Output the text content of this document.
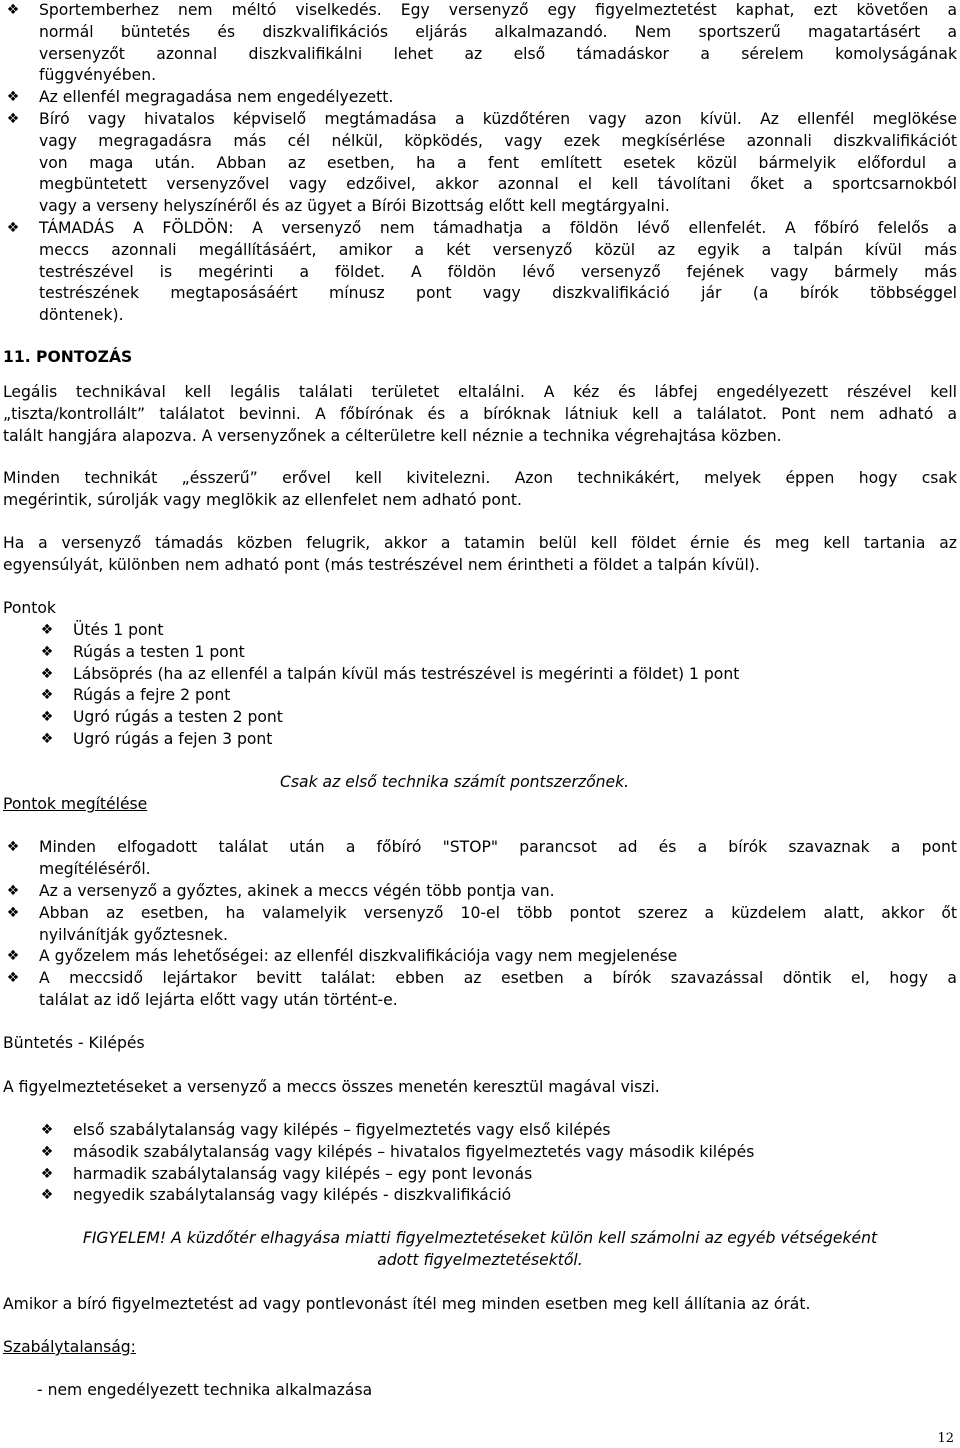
❖ Sportemberhez nem méltó viselkedés. Egy versenyző egy figyelmeztetést kaphat, ezt követően a
normál büntetés és diszkvalifikációs eljárás alkalmazandó. Nem sportszerű magatartásért a
versenyzőt azonnal diszkvalifikálni lehet az első támadáskor a sérelem komolyságának
függvényében.
❖ Az ellenfél megragadása nem engedélyezett.
❖ Bíró vagy hivatalos képviselő megtámadása a küzdőtéren vagy azon kívül. Az ellenfél meglökése
vagy megragadásra más cél nélkül, köpködés, vagy ezek megkísérlése azonnali diszkvalifikációt
von maga után. Abban az esetben, ha a fent említett esetek közül bármelyik előfordul a
megbüntetett versenyzővel vagy edzőivel, akkor azonnal el kell távolítani őket a sportcsarnokból
vagy a verseny helyszínéről és az ügyet a Bírói Bizottság előtt kell megtárgyalni.
❖ TÁMADÁS A FÖLDÖN: A versenyző nem támadhatja a földön lévő ellenfelét. A főbíró felelős a
meccs azonnali megállításáért, amikor a két versenyző közül az egyik a talpán kívül más
testrészével is megérinti a földet. A földön lévő versenyző fejének vagy bármely más
testrészének megtaposásáért mínusz pont vagy diszkvalifikáció jár (a bírók többséggel
döntenek).
11. PONTOZÁS
Legális technikával kell legális találati területet eltalálni. A kéz és lábfej engedélyezett részével kell
„tiszta/kontrollált” találatot bevinni. A főbírónak és a bíróknak látniuk kell a találatot. Pont nem adható a
talált hangjára alapozva. A versenyzőnek a célterületre kell néznie a technika végrehajtása közben.
Minden technikát „ésszerű” erővel kell kivitelezni. Azon technikákért, melyek éppen hogy csak
megérintik, súrolják vagy meglökik az ellenfelet nem adható pont.
Ha a versenyző támadás közben felugrik, akkor a tatamin belül kell földet érnie és meg kell tartania az
egyensúlyát, különben nem adható pont (más testrészével nem érintheti a földet a talpán kívül).
Pontok
❖ Ütés 1 pont
❖ Rúgás a testen 1 pont
❖ Lábsöprés (ha az ellenfél a talpán kívül más testrészével is megérinti a földet) 1 pont
❖ Rúgás a fejre 2 pont
❖ Ugró rúgás a testen 2 pont
❖ Ugró rúgás a fejen 3 pont
Csak az első technika számít pontszerzőnek.
Pontok megítélése
❖ Minden elfogadott találat után a főbíró "STOP" parancsot ad és a bírók szavaznak a pont
megítéléséről.
❖ Az a versenyző a győztes, akinek a meccs végén több pontja van.
❖ Abban az esetben, ha valamelyik versenyző 10-el több pontot szerez a küzdelem alatt, akkor őt
nyilvánítják győztesnek.
❖ A győzelem más lehetőségei: az ellenfél diszkvalifikációja vagy nem megjelenése
❖ A meccsidő lejártakor bevitt találat: ebben az esetben a bírók szavazással döntik el, hogy a
találat az idő lejárta előtt vagy után történt-e.
Büntetés - Kilépés
A figyelmeztetéseket a versenyző a meccs összes menetén keresztül magával viszi.
❖ első szabálytalanság vagy kilépés – figyelmeztetés vagy első kilépés
❖ második szabálytalanság vagy kilépés – hivatalos figyelmeztetés vagy második kilépés
❖ harmadik szabálytalanság vagy kilépés – egy pont levonás
❖ negyedik szabálytalanság vagy kilépés - diszkvalifikáció
FIGYELEM! A küzdőtér elhagyása miatti figyelmeztetéseket külön kell számolni az egyéb vétségeként
adott figyelmeztetésektől.
Amikor a bíró figyelmeztetést ad vagy pontlevonást ítél meg minden esetben meg kell állítania az órát.
Szabálytalanság:
- nem engedélyezett technika alkalmazása
12
